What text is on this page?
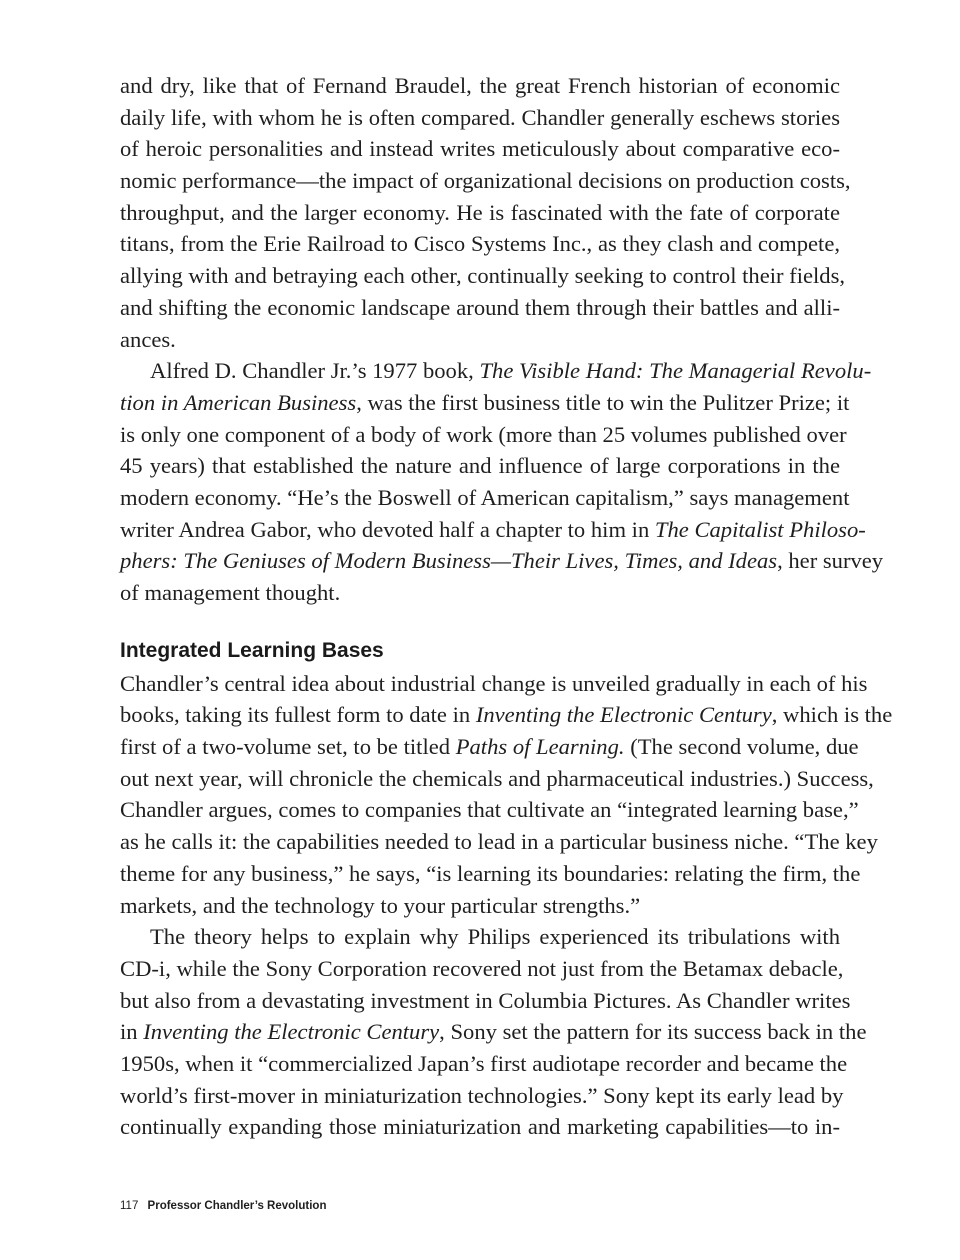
and dry, like that of Fernand Braudel, the great French historian of economic
daily life, with whom he is often compared. Chandler generally eschews stories
of heroic personalities and instead writes meticulously about comparative eco-
nomic performance—the impact of organizational decisions on production costs,
throughput, and the larger economy. He is fascinated with the fate of corporate
titans, from the Erie Railroad to Cisco Systems Inc., as they clash and compete,
allying with and betraying each other, continually seeking to control their fields,
and shifting the economic landscape around them through their battles and alli-
ances.
Alfred D. Chandler Jr.’s 1977 book, The Visible Hand: The Managerial Revolu-
tion in American Business, was the first business title to win the Pulitzer Prize; it
is only one component of a body of work (more than 25 volumes published over
45 years) that established the nature and influence of large corporations in the
modern economy. “He’s the Boswell of American capitalism,” says management
writer Andrea Gabor, who devoted half a chapter to him in The Capitalist Philoso-
phers: The Geniuses of Modern Business—Their Lives, Times, and Ideas, her survey
of management thought.
Integrated Learning Bases
Chandler’s central idea about industrial change is unveiled gradually in each of his
books, taking its fullest form to date in Inventing the Electronic Century, which is the
first of a two-volume set, to be titled Paths of Learning. (The second volume, due
out next year, will chronicle the chemicals and pharmaceutical industries.) Success,
Chandler argues, comes to companies that cultivate an “integrated learning base,”
as he calls it: the capabilities needed to lead in a particular business niche. “The key
theme for any business,” he says, “is learning its boundaries: relating the firm, the
markets, and the technology to your particular strengths.”
The theory helps to explain why Philips experienced its tribulations with
CD-i, while the Sony Corporation recovered not just from the Betamax debacle,
but also from a devastating investment in Columbia Pictures. As Chandler writes
in Inventing the Electronic Century, Sony set the pattern for its success back in the
1950s, when it “commercialized Japan’s first audiotape recorder and became the
world’s first-mover in miniaturization technologies.” Sony kept its early lead by
continually expanding those miniaturization and marketing capabilities—to in-
117 Professor Chandler’s Revolution
